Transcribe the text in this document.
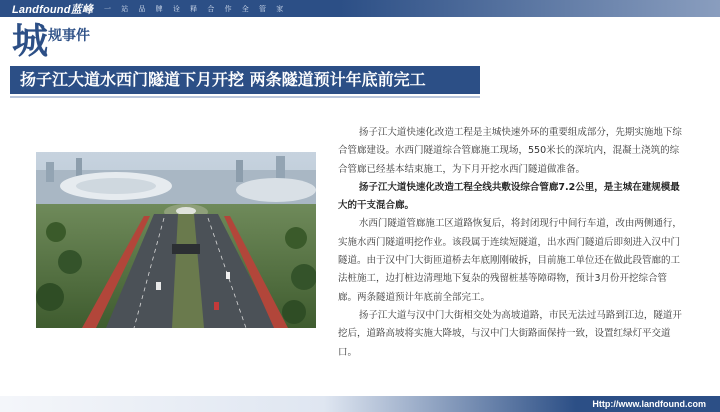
Landfound蓝峰 一 站 品 牌 诠 释 合 作 全 管 家
城 规事件
扬子江大道水西门隧道下月开挖 两条隧道预计年底前完工

扬子江大道快速化改造工程是主城快速外环的重要组成部分，先期实施地下综合管廊建设。水西门隧道综合管廊施工现场，550米长的深坑内，混凝土浇筑的综合管廊已经基本结束施工，为下月开挖水西门隧道做准备。

扬子江大道快速化改造工程全线共敷设综合管廊7.2公里，是主城在建规模最大的干支混合廊。

水西门隧道管廊施工区道路恢复后，将封闭现行中间行车道，改由两侧通行，实施水西门隧道明挖作业。该段属于连续短隧道，出水西门隧道后即刻进入汉中门隧道。由于汉中门大街匝道桥去年底刚刚破拆，目前施工单位还在做此段管廊的工法桩施工，边打桩边清理地下复杂的残留桩基等障碍物，预计3月份开挖综合管廊。两条隧道预计年底前全部完工。

扬子江大道与汉中门大街相交处为高坡道路，市民无法过马路到江边，隧道开挖后，道路高坡将实施大降坡，与汉中门大街路面保持一致，设置红绿灯平交道口。

Http://www.landfound.com
